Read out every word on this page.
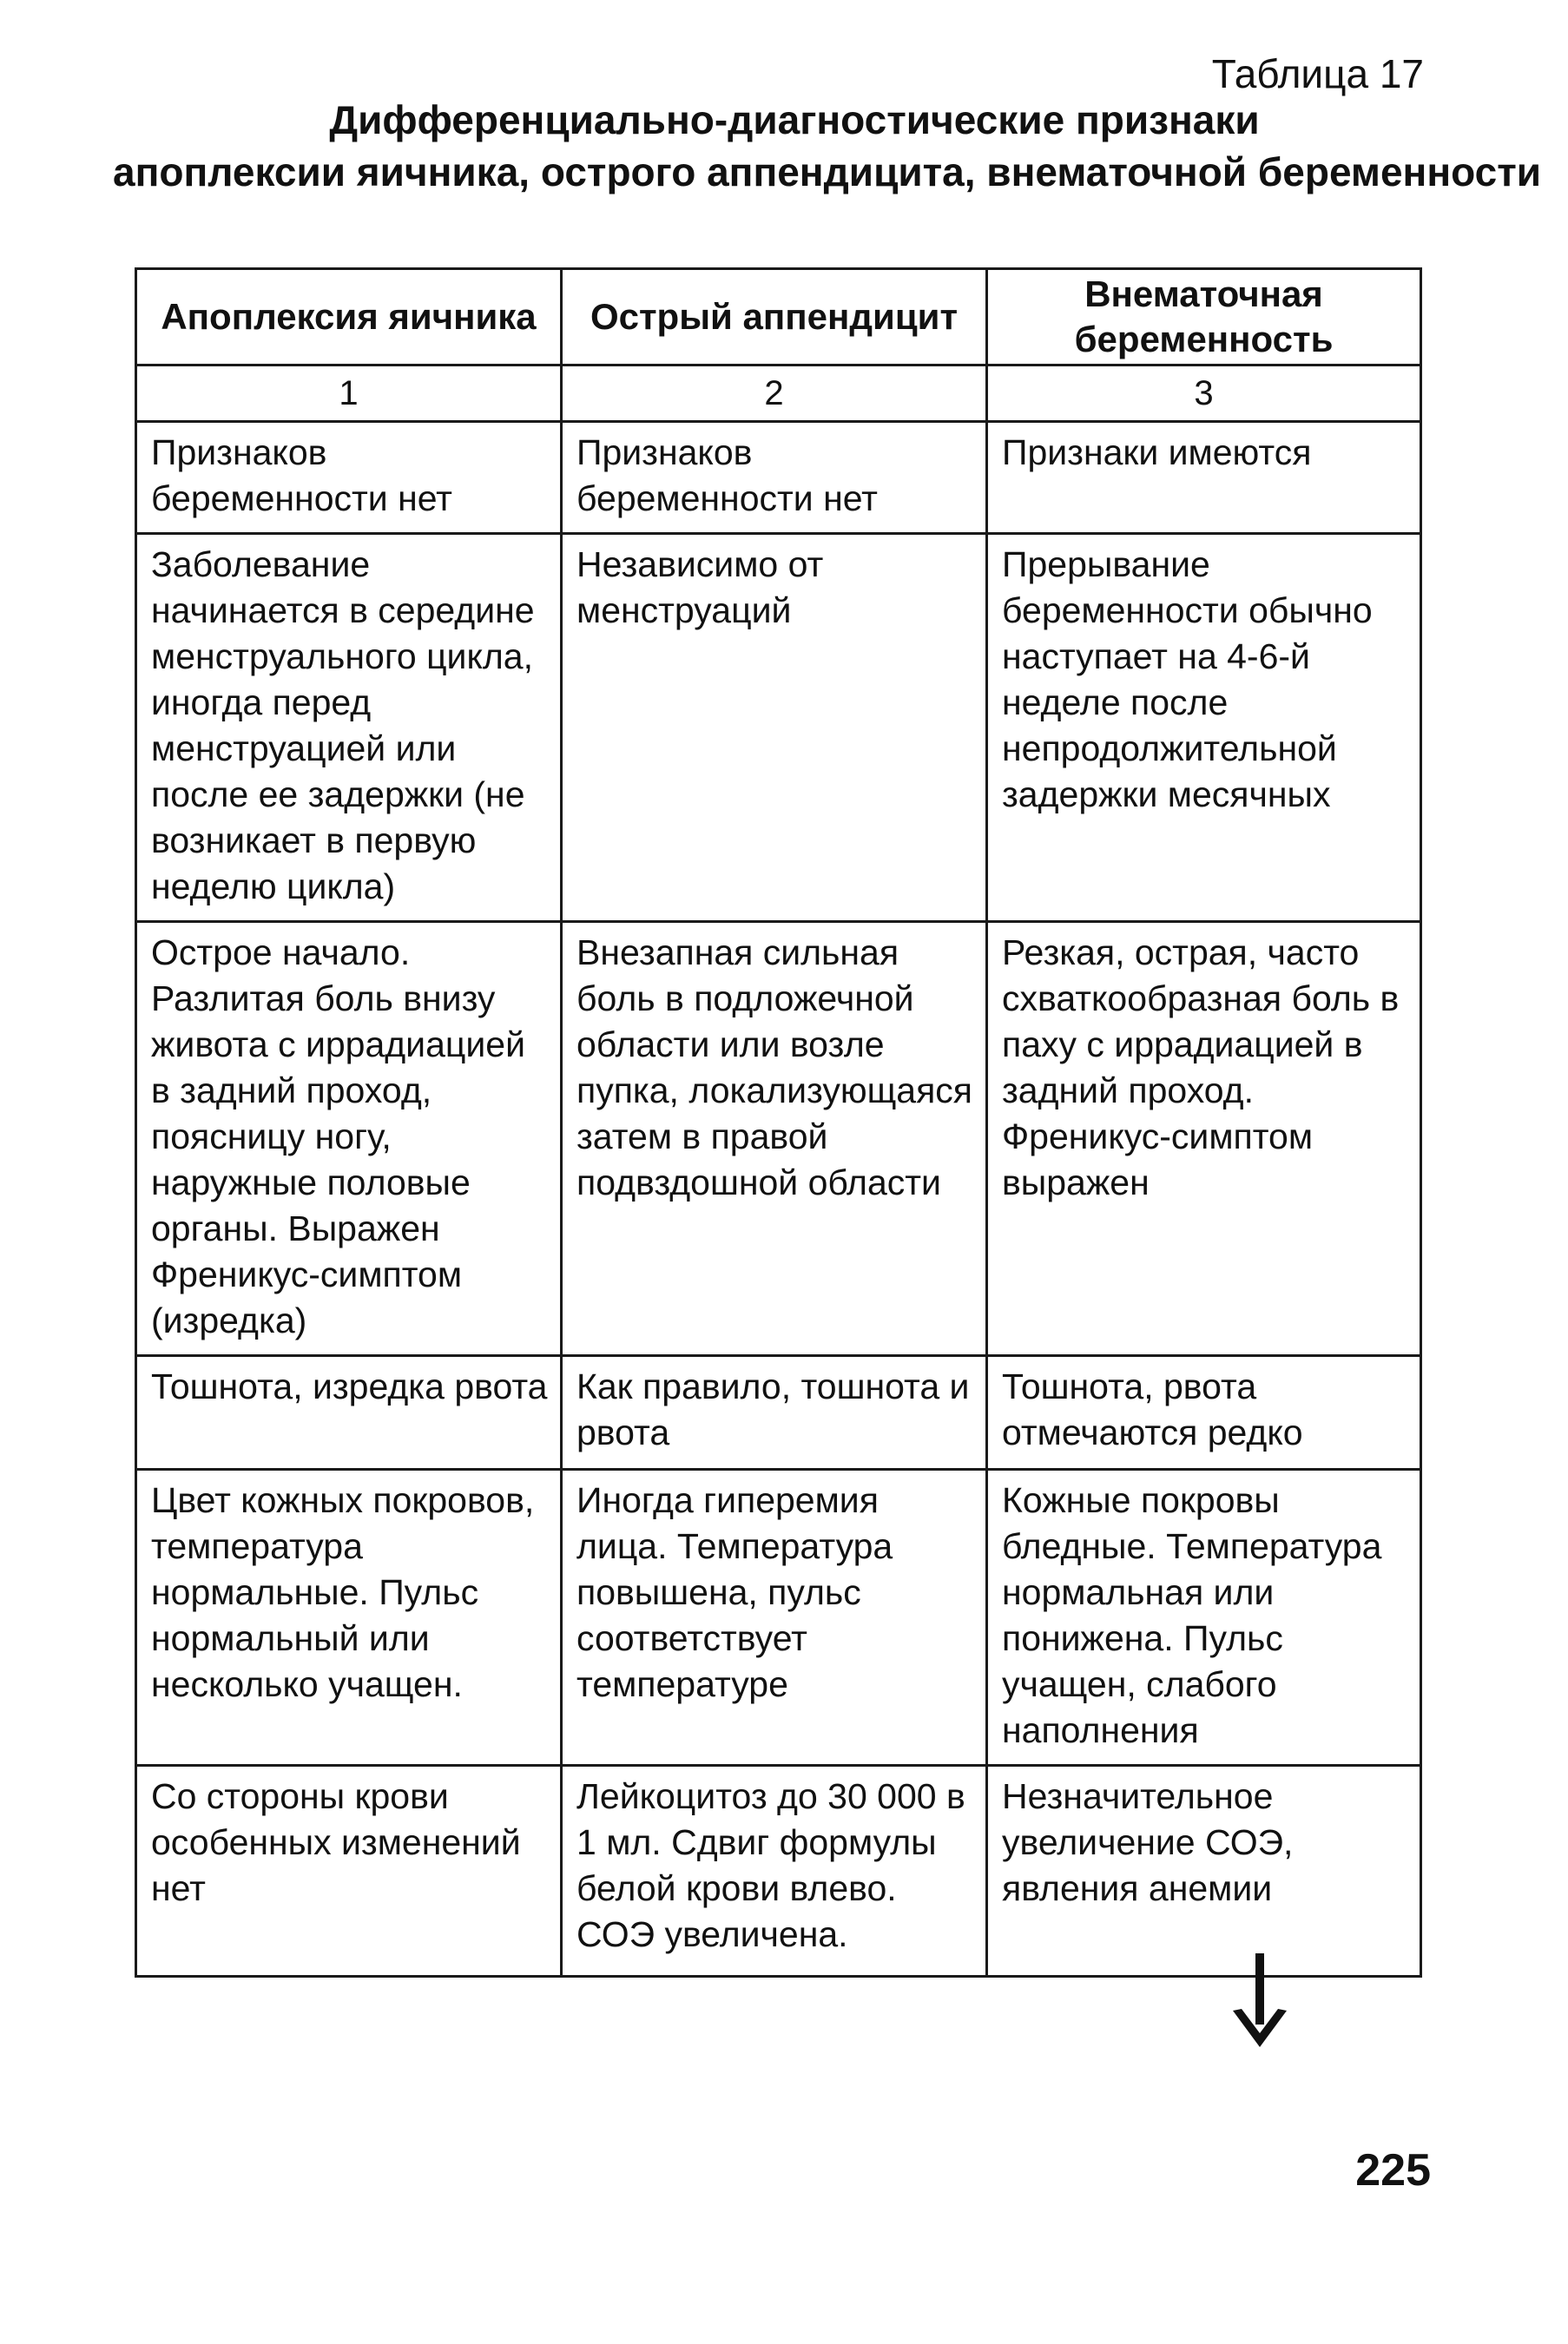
Таблица 17
Дифференциально-диагностические признаки
апоплексии яичника, острого аппендицита, внематочной беременности
Апоплексия яичника	Острый аппендицит	Внематочная беременность
1	2	3
Признаков беременности нет	Признаков беременности нет	Признаки имеются
Заболевание начинается в середине менструального цикла, иногда перед менструацией или после ее задержки (не возникает в первую неделю цикла)	Независимо от менструаций	Прерывание беременности обычно наступает на 4-6-й неделе после непродолжительной задержки месячных
Острое начало. Разлитая боль внизу живота с иррадиацией в задний проход, поясницу ногу, наружные половые органы. Выражен Френикус-симптом (изредка)	Внезапная сильная боль в подложечной области или возле пупка, локализующаяся затем в правой подвздошной области	Резкая, острая, часто схваткообразная боль в паху с иррадиацией в задний проход. Френикус-симптом выражен
Тошнота, изредка рвота	Как правило, тошнота и рвота	Тошнота, рвота отмечаются редко
Цвет кожных покровов, температура нормальные. Пульс нормальный или несколько учащен.	Иногда гиперемия лица. Температура повышена, пульс соответствует температуре	Кожные покровы бледные. Температура нормальная или понижена. Пульс учащен, слабого наполнения
Со стороны крови особенных изменений нет	Лейкоцитоз до 30 000 в 1 мл. Сдвиг формулы белой крови влево. СОЭ увеличена.	Незначительное увеличение СОЭ, явления анемии
225
